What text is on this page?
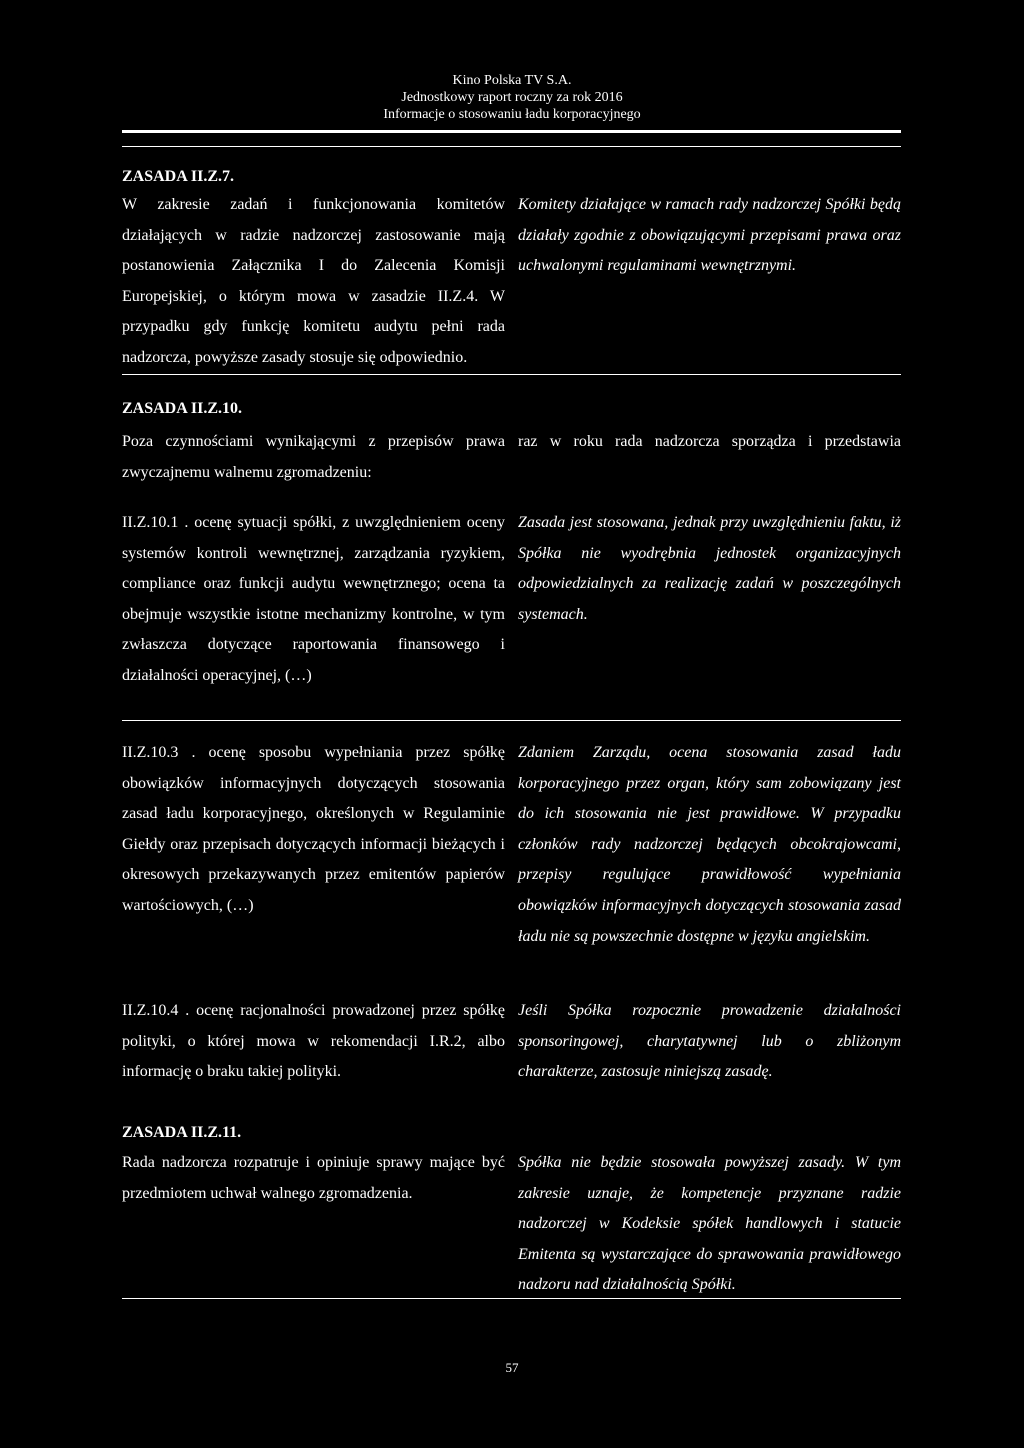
Kino Polska TV S.A.
Jednostkowy raport roczny za rok 2016
Informacje o stosowaniu ładu korporacyjnego
ZASADA II.Z.7.
W zakresie zadań i funkcjonowania komitetów działających w radzie nadzorczej zastosowanie mają postanowienia Załącznika I do Zalecenia Komisji Europejskiej, o którym mowa w zasadzie II.Z.4. W przypadku gdy funkcję komitetu audytu pełni rada nadzorcza, powyższe zasady stosuje się odpowiednio.
Komitety działające w ramach rady nadzorczej Spółki będą działały zgodnie z obowiązującymi przepisami prawa oraz uchwalonymi regulaminami wewnętrznymi.
ZASADA II.Z.10.
Poza czynnościami wynikającymi z przepisów prawa raz w roku rada nadzorcza sporządza i przedstawia
zwyczajnemu walnemu zgromadzeniu:
II.Z.10.1 . ocenę sytuacji spółki, z uwzględnieniem oceny systemów kontroli wewnętrznej, zarządzania ryzykiem, compliance oraz funkcji audytu wewnętrznego; ocena ta obejmuje wszystkie istotne mechanizmy kontrolne, w tym zwłaszcza dotyczące raportowania finansowego i działalności operacyjnej, (…)
Zasada jest stosowana, jednak przy uwzględnieniu faktu, iż Spółka nie wyodrębnia jednostek organizacyjnych odpowiedzialnych za realizację zadań w poszczególnych systemach.
II.Z.10.3 . ocenę sposobu wypełniania przez spółkę obowiązków informacyjnych dotyczących stosowania zasad ładu korporacyjnego, określonych w Regulaminie Giełdy oraz przepisach dotyczących informacji bieżących i okresowych przekazywanych przez emitentów papierów wartościowych, (…)
Zdaniem Zarządu, ocena stosowania zasad ładu korporacyjnego przez organ, który sam zobowiązany jest do ich stosowania nie jest prawidłowe. W przypadku członków rady nadzorczej będących obcokrajowcami, przepisy regulujące prawidłowość wypełniania obowiązków informacyjnych dotyczących stosowania zasad ładu nie są powszechnie dostępne w języku angielskim.
II.Z.10.4 . ocenę racjonalności prowadzonej przez spółkę polityki, o której mowa w rekomendacji I.R.2, albo informację o braku takiej polityki.
Jeśli Spółka rozpocznie prowadzenie działalności sponsoringowej, charytatywnej lub o zbliżonym charakterze, zastosuje niniejszą zasadę.
ZASADA II.Z.11.
Rada nadzorcza rozpatruje i opiniuje sprawy mające być przedmiotem uchwał walnego zgromadzenia.
Spółka nie będzie stosowała powyższej zasady. W tym zakresie uznaje, że kompetencje przyznane radzie nadzorczej w Kodeksie spółek handlowych i statucie Emitenta są wystarczające do sprawowania prawidłowego nadzoru nad działalnością Spółki.
57
